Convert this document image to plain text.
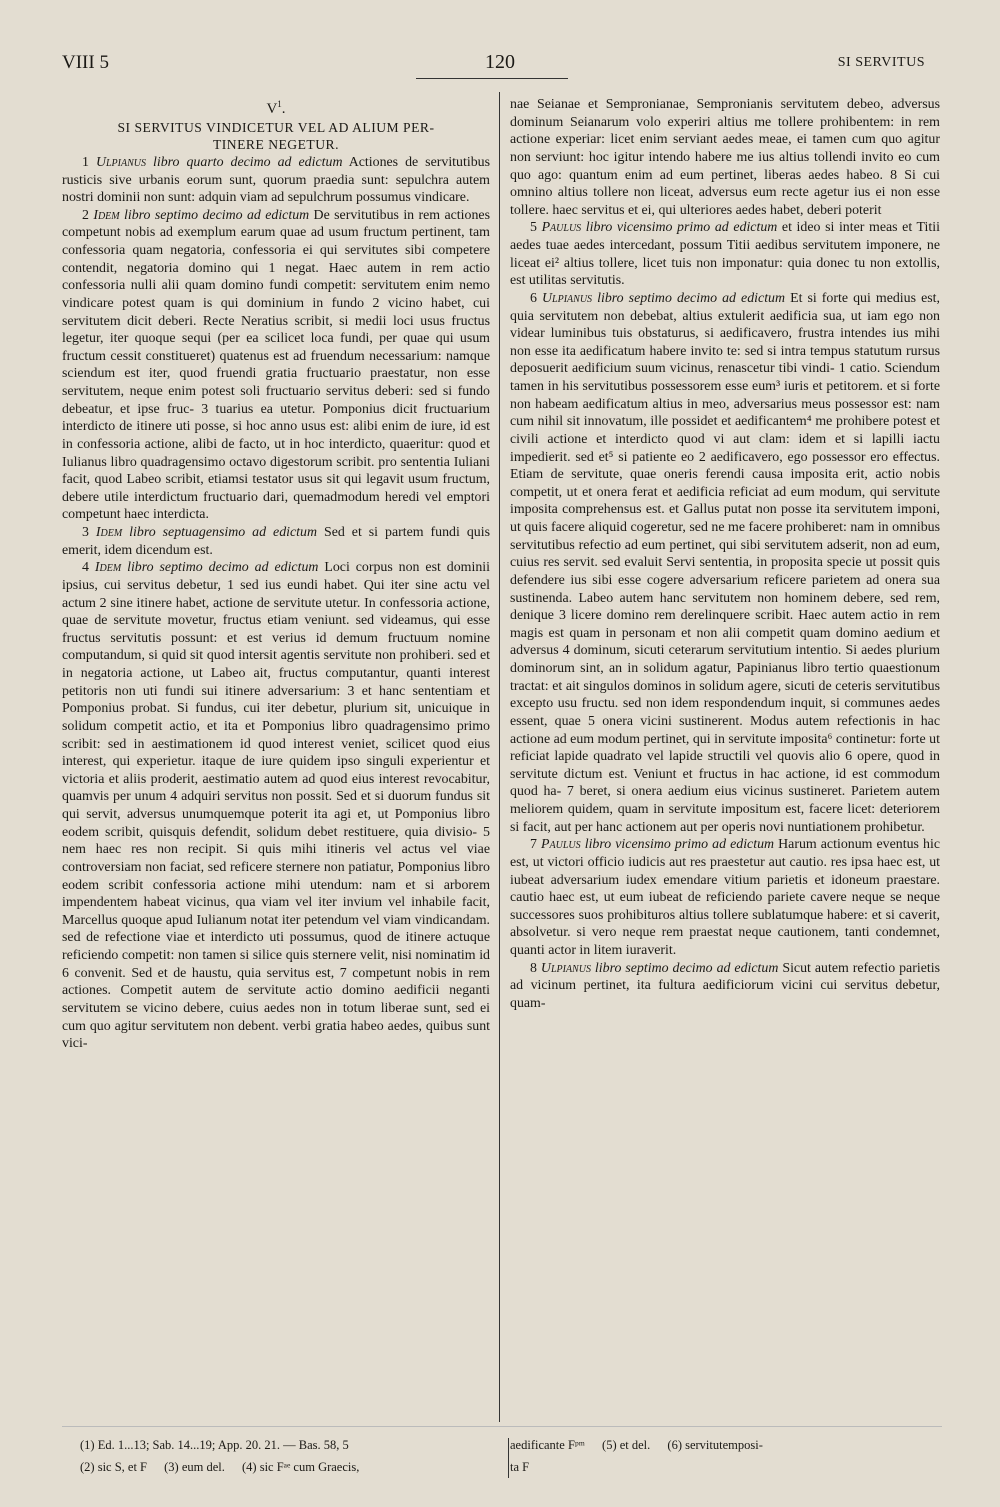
VIII 5	120	SI SERVITUS

$V^1$.

SI SERVITUS VINDICETUR VEL AD ALIUM PER-
TINERE NEGETUR.

1 Ulpianus libro quarto decimo ad edictum Actiones de servitutibus rusticis sive urbanis eorum sunt, quorum praedia sunt: sepulchra autem nostri dominii non sunt: adquin viam ad sepulchrum possumus vindicare.

2 Idem libro septimo decimo ad edictum De servitutibus in rem actiones competunt nobis ad exemplum earum quae ad usum fructum pertinent, tam confessoria quam negatoria, confessoria ei qui servitutes sibi competere contendit, negatoria domino qui 1 negat. Haec autem in rem actio confessoria nulli alii quam domino fundi competit: servitutem enim nemo vindicare potest quam is qui dominium in fundo 2 vicino habet, cui servitutem dicit deberi. Recte Neratius scribit, si medii loci usus fructus legetur, iter quoque sequi (per ea scilicet loca fundi, per quae qui usum fructum cessit constitueret) quatenus est ad fruendum necessarium: namque sciendum est iter, quod fruendi gratia fructuario praestatur, non esse servitutem, neque enim potest soli fructuario servitus deberi: sed si fundo debeatur, et ipse fruc- 3 tuarius ea utetur. Pomponius dicit fructuarium interdicto de itinere uti posse, si hoc anno usus est: alibi enim de iure, id est in confessoria actione, alibi de facto, ut in hoc interdicto, quaeritur: quod et Iulianus libro quadragensimo octavo digestorum scribit. pro sententia Iuliani facit, quod Labeo scribit, etiamsi testator usus sit qui legavit usum fructum, debere utile interdictum fructuario dari, quemadmodum heredi vel emptori competunt haec interdicta.

3 Idem libro septuagensimo ad edictum Sed et si partem fundi quis emerit, idem dicendum est.

4 Idem libro septimo decimo ad edictum Loci corpus non est dominii ipsius, cui servitus debetur, 1 sed ius eundi habet. Qui iter sine actu vel actum 2 sine itinere habet, actione de servitute utetur. In confessoria actione, quae de servitute movetur, fructus etiam veniunt. sed videamus, qui esse fructus servitutis possunt: et est verius id demum fructuum nomine computandum, si quid sit quod intersit agentis servitute non prohiberi. sed et in negatoria actione, ut Labeo ait, fructus computantur, quanti interest petitoris non uti fundi sui itinere adversarium: 3 et hanc sententiam et Pomponius probat. Si fundus, cui iter debetur, plurium sit, unicuique in solidum competit actio, et ita et Pomponius libro quadragensimo primo scribit: sed in aestimationem id quod interest veniet, scilicet quod eius interest, qui experietur. itaque de iure quidem ipso singuli experientur et victoria et aliis proderit, aestimatio autem ad quod eius interest revocabitur, quamvis per unum 4 adquiri servitus non possit. Sed et si duorum fundus sit qui servit, adversus unumquemque poterit ita agi et, ut Pomponius libro eodem scribit, quisquis defendit, solidum debet restituere, quia divisio- 5 nem haec res non recipit. Si quis mihi itineris vel actus vel viae controversiam non faciat, sed reficere sternere non patiatur, Pomponius libro eodem scribit confessoria actione mihi utendum: nam et si arborem impendentem habeat vicinus, qua viam vel iter invium vel inhabile facit, Marcellus quoque apud Iulianum notat iter petendum vel viam vindicandam. sed de refectione viae et interdicto uti possumus, quod de itinere actuque reficiendo competit: non tamen si silice quis sternere velit, nisi nominatim id 6 convenit. Sed et de haustu, quia servitus est, 7 competunt nobis in rem actiones. Competit autem de servitute actio domino aedificii neganti servitutem se vicino debere, cuius aedes non in totum liberae sunt, sed ei cum quo agitur servitutem non debent. verbi gratia habeo aedes, quibus sunt vici-

nae Seianae et Sempronianae, Sempronianis servitutem debeo, adversus dominum Seianarum volo experiri altius me tollere prohibentem: in rem actione experiar: licet enim serviant aedes meae, ei tamen cum quo agitur non serviunt: hoc igitur intendo habere me ius altius tollendi invito eo cum quo ago: quantum enim ad eum pertinet, liberas aedes habeo. 8 Si cui omnino altius tollere non liceat, adversus eum recte agetur ius ei non esse tollere. haec servitus et ei, qui ulteriores aedes habet, deberi poterit

5 Paulus libro vicensimo primo ad edictum et ideo si inter meas et Titii aedes tuae aedes intercedant, possum Titii aedibus servitutem imponere, ne liceat ei² altius tollere, licet tuis non imponatur: quia donec tu non extollis, est utilitas servitutis.

6 Ulpianus libro septimo decimo ad edictum Et si forte qui medius est, quia servitutem non debebat, altius extulerit aedificia sua, ut iam ego non videar luminibus tuis obstaturus, si aedificavero, frustra intendes ius mihi non esse ita aedificatum habere invito te: sed si intra tempus statutum rursus deposuerit aedificium suum vicinus, renascetur tibi vindi- 1 catio. Sciendum tamen in his servitutibus possessorem esse eum³ iuris et petitorem. et si forte non habeam aedificatum altius in meo, adversarius meus possessor est: nam cum nihil sit innovatum, ille possidet et aedificantem⁴ me prohibere potest et civili actione et interdicto quod vi aut clam: idem et si lapilli iactu impedierit. sed et⁵ si patiente eo 2 aedificavero, ego possessor ero effectus. Etiam de servitute, quae oneris ferendi causa imposita erit, actio nobis competit, ut et onera ferat et aedificia reficiat ad eum modum, qui servitute imposita comprehensus est. et Gallus putat non posse ita servitutem imponi, ut quis facere aliquid cogeretur, sed ne me facere prohiberet: nam in omnibus servitutibus refectio ad eum pertinet, qui sibi servitutem adserit, non ad eum, cuius res servit. sed evaluit Servi sententia, in proposita specie ut possit quis defendere ius sibi esse cogere adversarium reficere parietem ad onera sua sustinenda. Labeo autem hanc servitutem non hominem debere, sed rem, denique 3 licere domino rem derelinquere scribit. Haec autem actio in rem magis est quam in personam et non alii competit quam domino aedium et adversus 4 dominum, sicuti ceterarum servitutium intentio. Si aedes plurium dominorum sint, an in solidum agatur, Papinianus libro tertio quaestionum tractat: et ait singulos dominos in solidum agere, sicuti de ceteris servitutibus excepto usu fructu. sed non idem respondendum inquit, si communes aedes essent, quae 5 onera vicini sustinerent. Modus autem refectionis in hac actione ad eum modum pertinet, qui in servitute imposita⁶ continetur: forte ut reficiat lapide quadrato vel lapide structili vel quovis alio 6 opere, quod in servitute dictum est. Veniunt et fructus in hac actione, id est commodum quod ha- 7 beret, si onera aedium eius vicinus sustineret. Parietem autem meliorem quidem, quam in servitute impositum est, facere licet: deteriorem si facit, aut per hanc actionem aut per operis novi nuntiationem prohibetur.

7 Paulus libro vicensimo primo ad edictum Harum actionum eventus hic est, ut victori officio iudicis aut res praestetur aut cautio. res ipsa haec est, ut iubeat adversarium iudex emendare vitium parietis et idoneum praestare. cautio haec est, ut eum iubeat de reficiendo pariete cavere neque se neque successores suos prohibituros altius tollere sublatumque habere: et si caverit, absolvetur. si vero neque rem praestat neque cautionem, tanti condemnet, quanti actor in litem iuraverit.

8 Ulpianus libro septimo decimo ad edictum Sicut autem refectio parietis ad vicinum pertinet, ita fultura aedificiorum vicini cui servitus debetur, quam-

(1) Ed. 1...13; Sab. 14...19; App. 20. 21. — Bas. 58, 5
(2) sic S, et F (3) eum del. (4) sic Fᵃᵉ cum Graecis,
aedificante Fᵖᵐ (5) et del. (6) servitutemposi-
ta F
